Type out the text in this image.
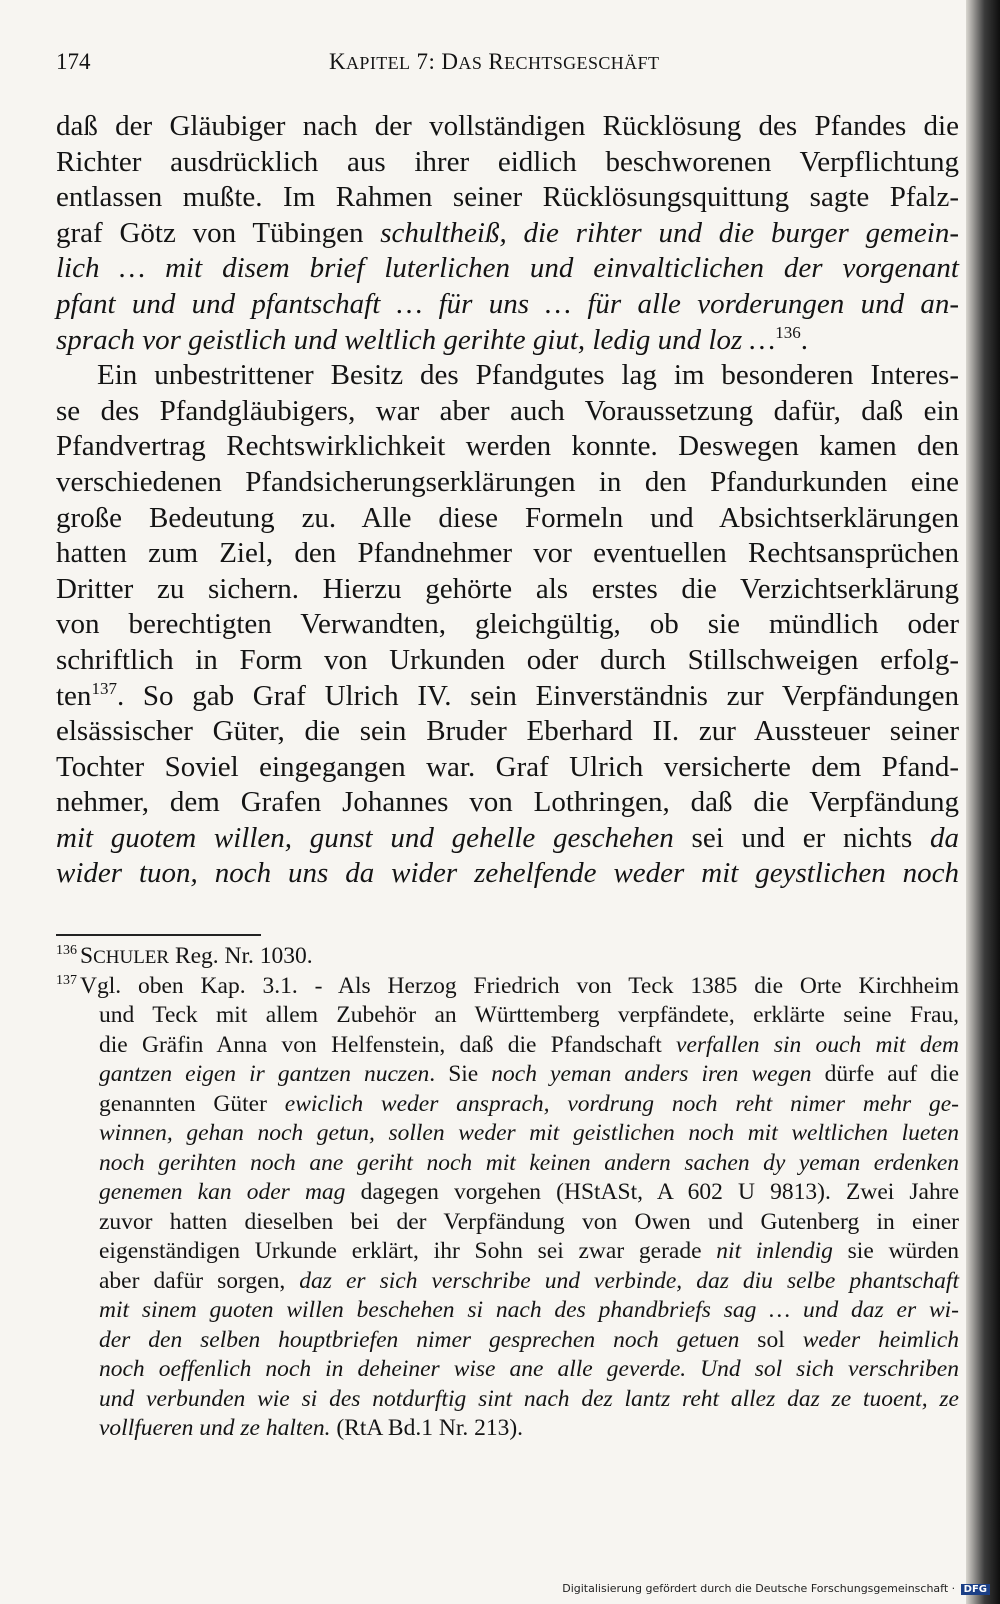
174	KAPITEL 7: DAS RECHTSGESCHÄFT
daß der Gläubiger nach der vollständigen Rücklösung des Pfandes die
Richter ausdrücklich aus ihrer eidlich beschworenen Verpflichtung
entlassen mußte. Im Rahmen seiner Rücklösungsquittung sagte Pfalz-
graf Götz von Tübingen schultheiß, die rihter und die burger gemein-
lich … mit disem brief luterlichen und einvalticlichen der vorgenant
pfant und und pfantschaft … für uns … für alle vorderungen und an-
sprach vor geistlich und weltlich gerihte giut, ledig und loz …$^{136}$.
Ein unbestrittener Besitz des Pfandgutes lag im besonderen Interes-
se des Pfandgläubigers, war aber auch Voraussetzung dafür, daß ein
Pfandvertrag Rechtswirklichkeit werden konnte. Deswegen kamen den
verschiedenen Pfandsicherungserklärungen in den Pfandurkunden eine
große Bedeutung zu. Alle diese Formeln und Absichtserklärungen
hatten zum Ziel, den Pfandnehmer vor eventuellen Rechtsansprüchen
Dritter zu sichern. Hierzu gehörte als erstes die Verzichtserklärung
von berechtigten Verwandten, gleichgültig, ob sie mündlich oder
schriftlich in Form von Urkunden oder durch Stillschweigen erfolg-
ten$^{137}$. So gab Graf Ulrich IV. sein Einverständnis zur Verpfändungen
elsässischer Güter, die sein Bruder Eberhard II. zur Aussteuer seiner
Tochter Soviel eingegangen war. Graf Ulrich versicherte dem Pfand-
nehmer, dem Grafen Johannes von Lothringen, daß die Verpfändung
mit guotem willen, gunst und gehelle geschehen sei und er nichts da
wider tuon, noch uns da wider zehelfende weder mit geystlichen noch
$^{136}$ SCHULER Reg. Nr. 1030.
$^{137}$ Vgl. oben Kap. 3.1. - Als Herzog Friedrich von Teck 1385 die Orte Kirchheim
und Teck mit allem Zubehör an Württemberg verpfändete, erklärte seine Frau,
die Gräfin Anna von Helfenstein, daß die Pfandschaft verfallen sin ouch mit dem
gantzen eigen ir gantzen nuczen. Sie noch yeman anders iren wegen dürfe auf die
genannten Güter ewiclich weder ansprach, vordrung noch reht nimer mehr ge-
winnen, gehan noch getun, sollen weder mit geistlichen noch mit weltlichen lueten
noch gerihten noch ane geriht noch mit keinen andern sachen dy yeman erdenken
genemen kan oder mag dagegen vorgehen (HStASt, A 602 U 9813). Zwei Jahre
zuvor hatten dieselben bei der Verpfändung von Owen und Gutenberg in einer
eigenständigen Urkunde erklärt, ihr Sohn sei zwar gerade nit inlendig sie würden
aber dafür sorgen, daz er sich verschribe und verbinde, daz diu selbe phantschaft
mit sinem guoten willen beschehen si nach des phandbriefs sag … und daz er wi-
der den selben houptbriefen nimer gesprechen noch getuen sol weder heimlich
noch oeffenlich noch in deheiner wise ane alle geverde. Und sol sich verschriben
und verbunden wie si des notdurftig sint nach dez lantz reht allez daz ze tuoent, ze
vollfueren und ze halten. (RtA Bd.1 Nr. 213).
Digitalisierung gefördert durch die Deutsche Forschungsgemeinschaft · DFG
